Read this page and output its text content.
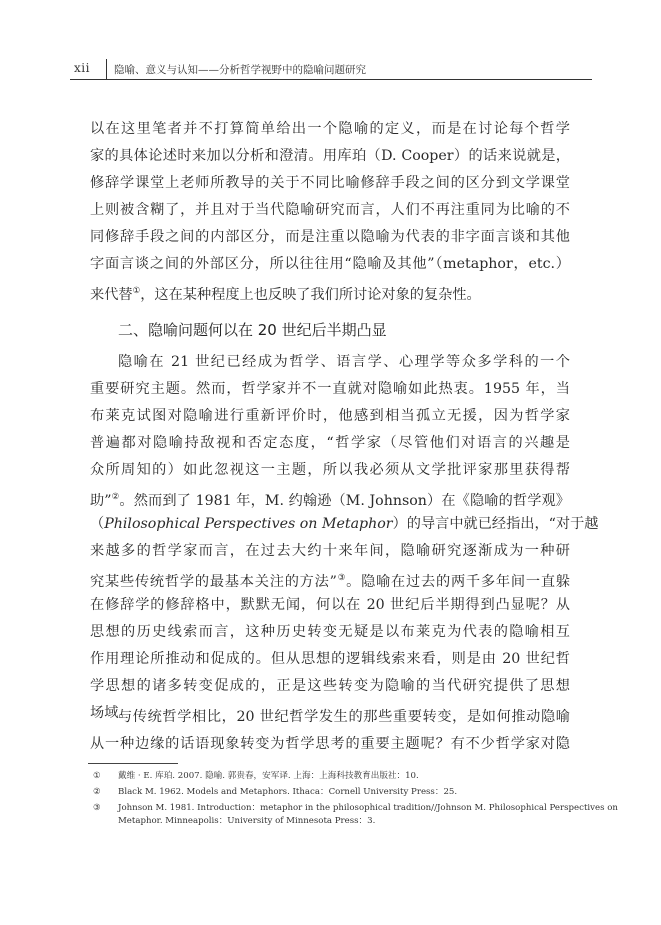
xii 隐喻、意义与认知——分析哲学视野中的隐喻问题研究
以在这里笔者并不打算简单给出一个隐喻的定义，而是在讨论每个哲学
家的具体论述时来加以分析和澄清。用库珀（D. Cooper）的话来说就是，
修辞学课堂上老师所教导的关于不同比喻修辞手段之间的区分到文学课堂
上则被含糊了，并且对于当代隐喻研究而言，人们不再注重同为比喻的不
同修辞手段之间的内部区分，而是注重以隐喻为代表的非字面言谈和其他
字面言谈之间的外部区分，所以往往用“隐喻及其他”（metaphor，etc.）
来代替①，这在某种程度上也反映了我们所讨论对象的复杂性。
二、隐喻问题何以在 20 世纪后半期凸显
隐喻在 21 世纪已经成为哲学、语言学、心理学等众多学科的一个
重要研究主题。然而，哲学家并不一直就对隐喻如此热衷。1955 年，当
布莱克试图对隐喻进行重新评价时，他感到相当孤立无援，因为哲学家
普遍都对隐喻持敌视和否定态度，“哲学家（尽管他们对语言的兴趣是
众所周知的）如此忽视这一主题，所以我必须从文学批评家那里获得帮
助”②。然而到了 1981 年，M. 约翰逊（M. Johnson）在《隐喻的哲学观》
（Philosophical Perspectives on Metaphor）的导言中就已经指出，“对于越
来越多的哲学家而言，在过去大约十来年间，隐喻研究逐渐成为一种研
究某些传统哲学的最基本关注的方法”③。隐喻在过去的两千多年间一直躲
在修辞学的修辞格中，默默无闻，何以在 20 世纪后半期得到凸显呢？从
思想的历史线索而言，这种历史转变无疑是以布莱克为代表的隐喻相互
作用理论所推动和促成的。但从思想的逻辑线索来看，则是由 20 世纪哲
学思想的诸多转变促成的，正是这些转变为隐喻的当代研究提供了思想
场域。
与传统哲学相比，20 世纪哲学发生的那些重要转变，是如何推动隐喻
从一种边缘的话语现象转变为哲学思考的重要主题呢？有不少哲学家对隐
① 戴维 · E. 库珀. 2007. 隐喻. 郭贵春，安军译. 上海：上海科技教育出版社：10.
② Black M. 1962. Models and Metaphors. Ithaca：Cornell University Press：25.
③ Johnson M. 1981. Introduction：metaphor in the philosophical tradition//Johnson M. Philosophical Perspectives on
Metaphor. Minneapolis：University of Minnesota Press：3.
